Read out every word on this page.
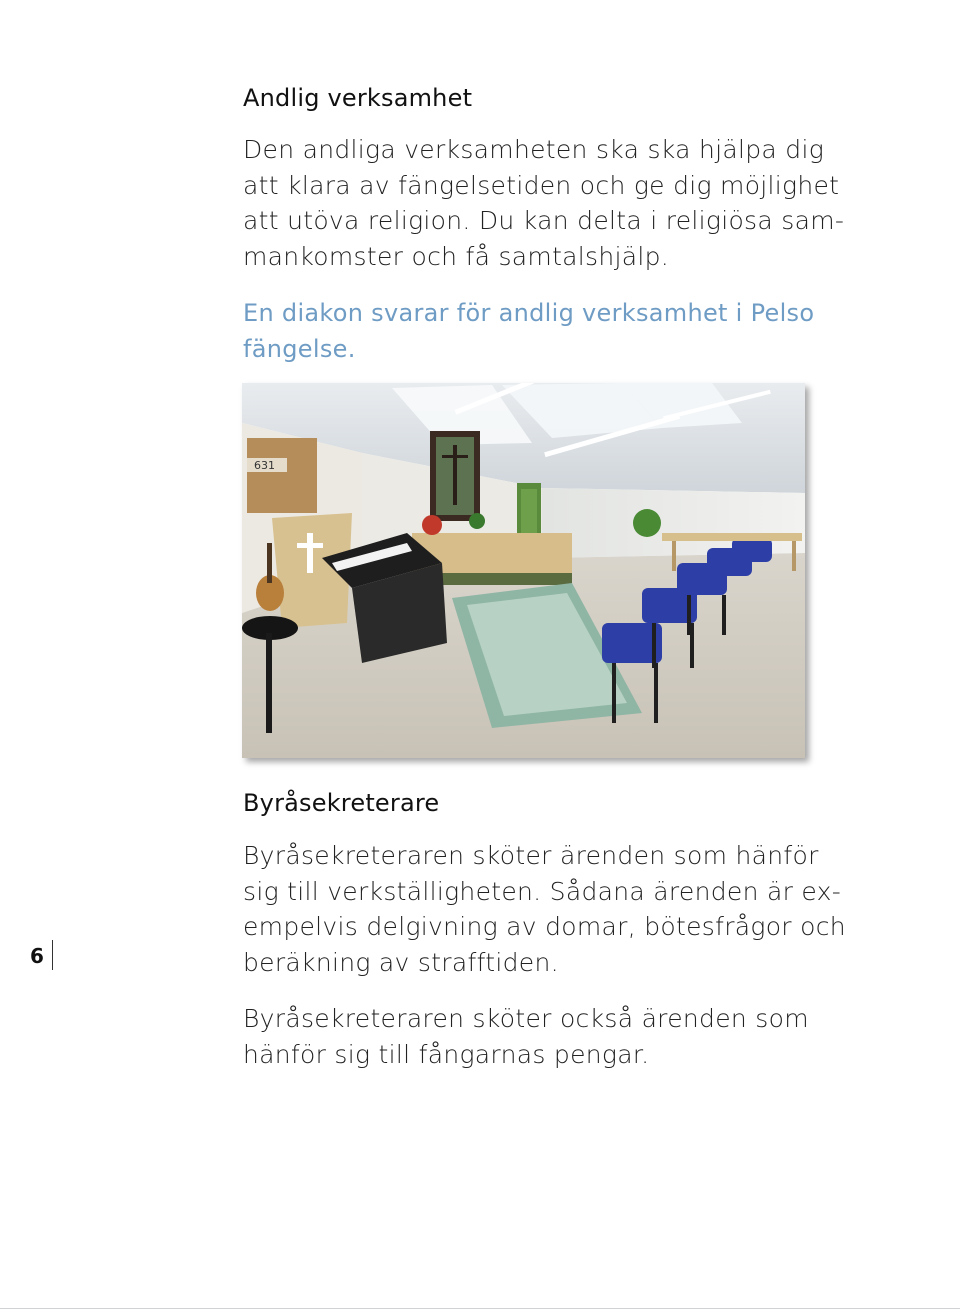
Andlig verksamhet

Den andliga verksamheten ska ska hjälpa dig
att klara av fängelsetiden och ge dig möjlighet
att utöva religion. Du kan delta i religiösa sam-
mankomster och få samtalshjälp.

En diakon svarar för andlig verksamhet i Pelso
fängelse.

631
Byråsekreterare

Byråsekreteraren sköter ärenden som hänför
sig till verkställigheten. Sådana ärenden är ex-
empelvis delgivning av domar, bötesfrågor och
beräkning av strafftiden.

Byråsekreteraren sköter också ärenden som
hänför sig till fångarnas pengar.

6
